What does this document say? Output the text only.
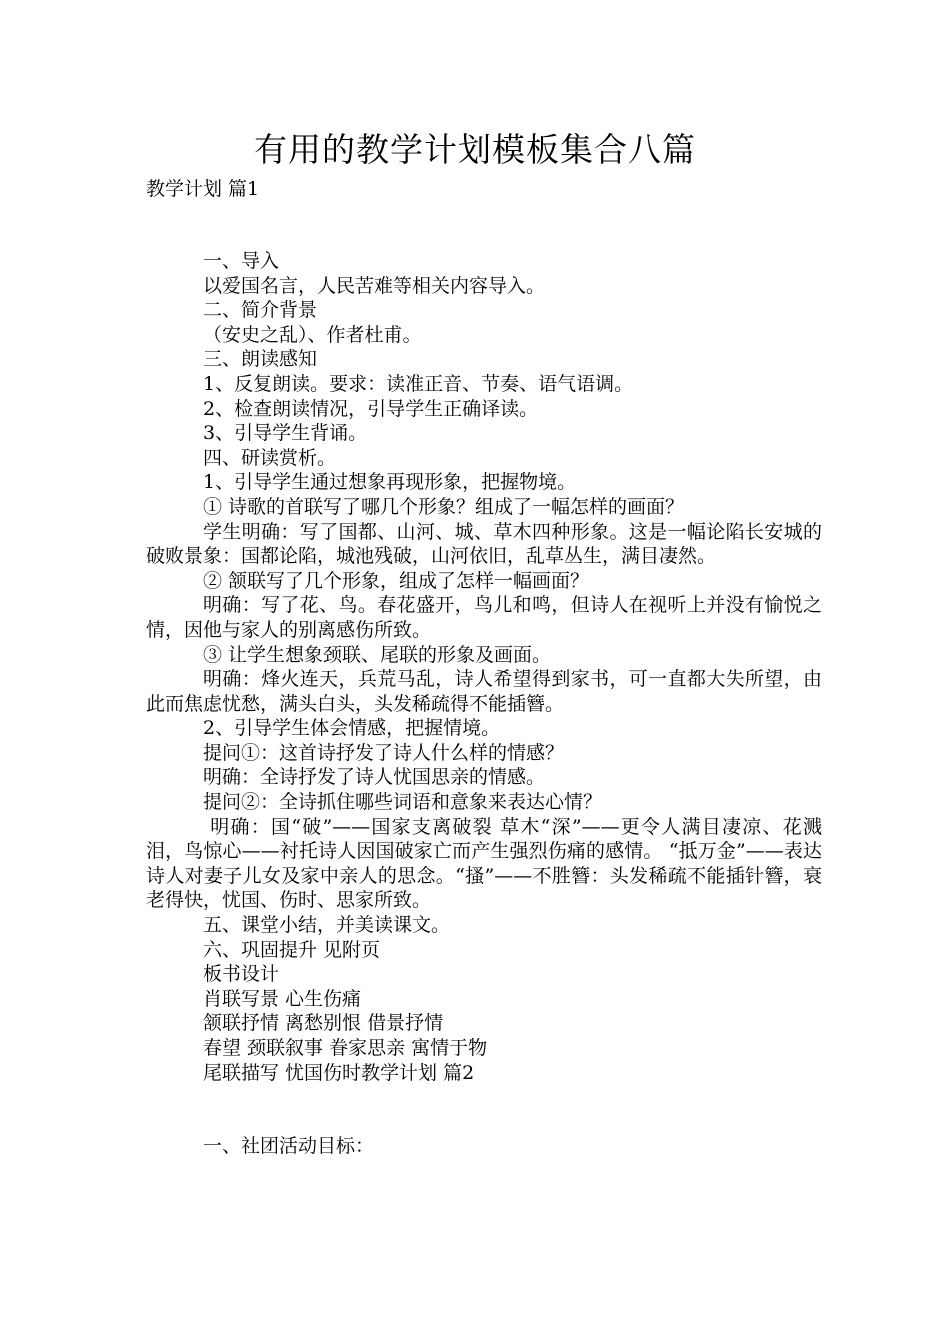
有用的教学计划模板集合八篇
教学计划 篇1

一、导入

以爱国名言，人民苦难等相关内容导入。

二、简介背景

（安史之乱）、作者杜甫。

三、朗读感知

1、反复朗读。要求：读准正音、节奏、语气语调。

2、检查朗读情况，引导学生正确译读。

3、引导学生背诵。

四、研读赏析。

1、引导学生通过想象再现形象，把握物境。

① 诗歌的首联写了哪几个形象？组成了一幅怎样的画面？

学生明确：写了国都、山河、城、草木四种形象。这是一幅论陷长安城的破败景象：国都论陷，城池残破，山河依旧，乱草丛生，满目凄然。

② 颔联写了几个形象，组成了怎样一幅画面？

明确：写了花、鸟。春花盛开，鸟儿和鸣，但诗人在视听上并没有愉悦之情，因他与家人的别离感伤所致。

③ 让学生想象颈联、尾联的形象及画面。

明确：烽火连天，兵荒马乱，诗人希望得到家书，可一直都大失所望，由此而焦虑忧愁，满头白头，头发稀疏得不能插簪。

2、引导学生体会情感，把握情境。

提问①：这首诗抒发了诗人什么样的情感？

明确：全诗抒发了诗人忧国思亲的情感。

提问②：全诗抓住哪些词语和意象来表达心情？

明确：国“破”——国家支离破裂 草木“深”——更令人满目凄凉、花溅泪，鸟惊心——衬托诗人因国破家亡而产生强烈伤痛的感情。 “抵万金”——表达诗人对妻子儿女及家中亲人的思念。“搔”——不胜簪：头发稀疏不能插针簪，衰老得快，忧国、伤时、思家所致。

五、课堂小结，并美读课文。

六、巩固提升 见附页

板书设计

肖联写景 心生伤痛

颔联抒情 离愁别恨 借景抒情

春望 颈联叙事 眷家思亲 寓情于物

尾联描写 忧国伤时教学计划 篇2

一、社团活动目标：
